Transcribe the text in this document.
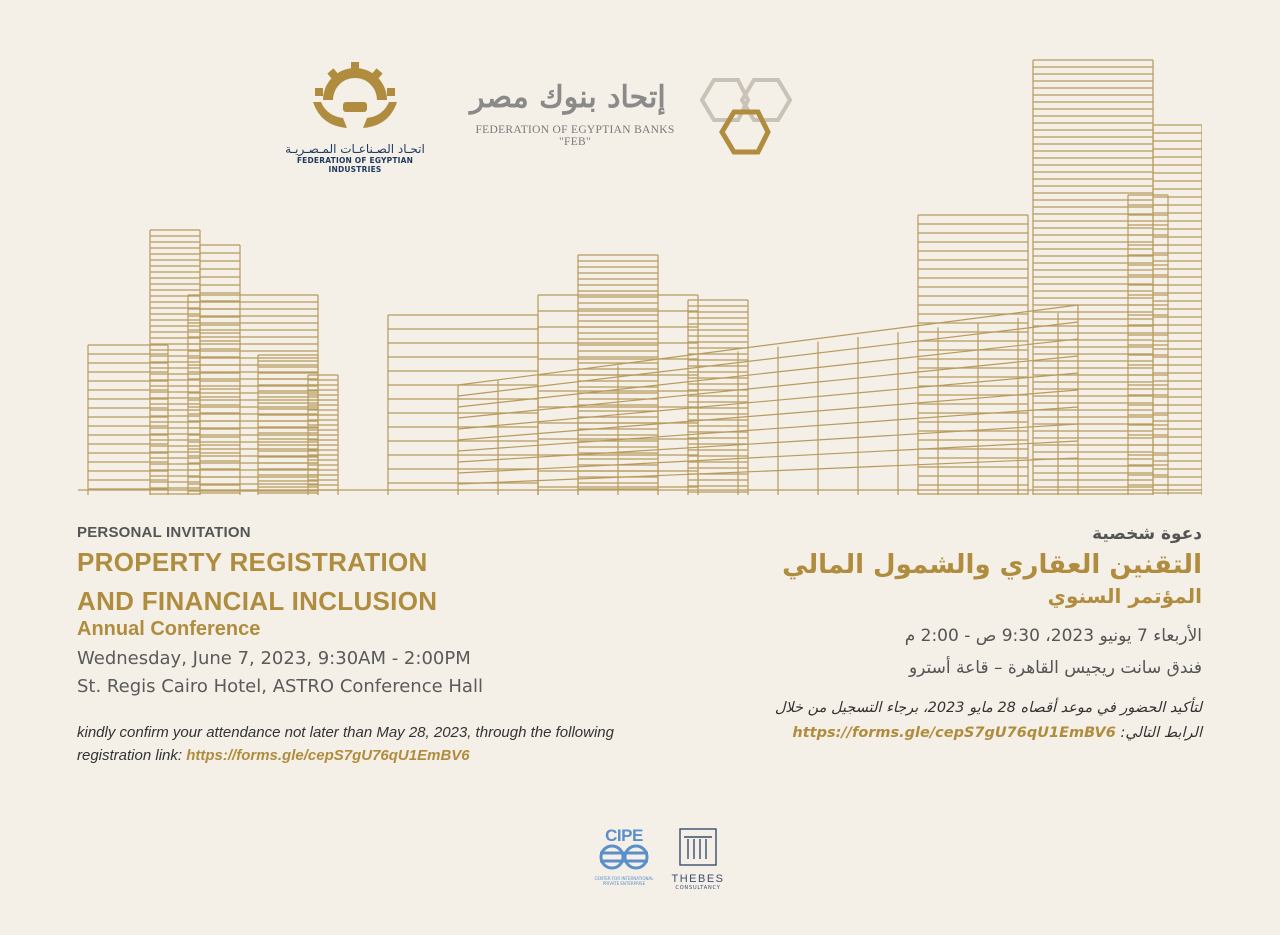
اتحـاد الصـناعـات المـصـريـة
FEDERATION OF EGYPTIAN INDUSTRIES
إتحاد بنوك مصر
FEDERATION OF EGYPTIAN BANKS
"FEB"
PERSONAL INVITATION
PROPERTY REGISTRATION
AND FINANCIAL INCLUSION
Annual Conference
Wednesday, June 7, 2023, 9:30AM - 2:00PM
St. Regis Cairo Hotel, ASTRO Conference Hall
kindly confirm your attendance not later than May 28, 2023, through the following registration link: https://forms.gle/cepS7gU76qU1EmBV6
دعوة شخصية
التقنين العقاري والشمول المالي
المؤتمر السنوي
الأربعاء 7 يونيو 2023، 9:30 ص - 2:00 م
فندق سانت ريجيس القاهرة – قاعة أسترو
لتأكيد الحضور في موعد أقصاه 28 مايو 2023، برجاء التسجيل من خلال
الرابط التالي: https://forms.gle/cepS7gU76qU1EmBV6
CIPE
CENTER FOR INTERNATIONAL PRIVATE ENTERPRISE	THEBES
CONSULTANCY
